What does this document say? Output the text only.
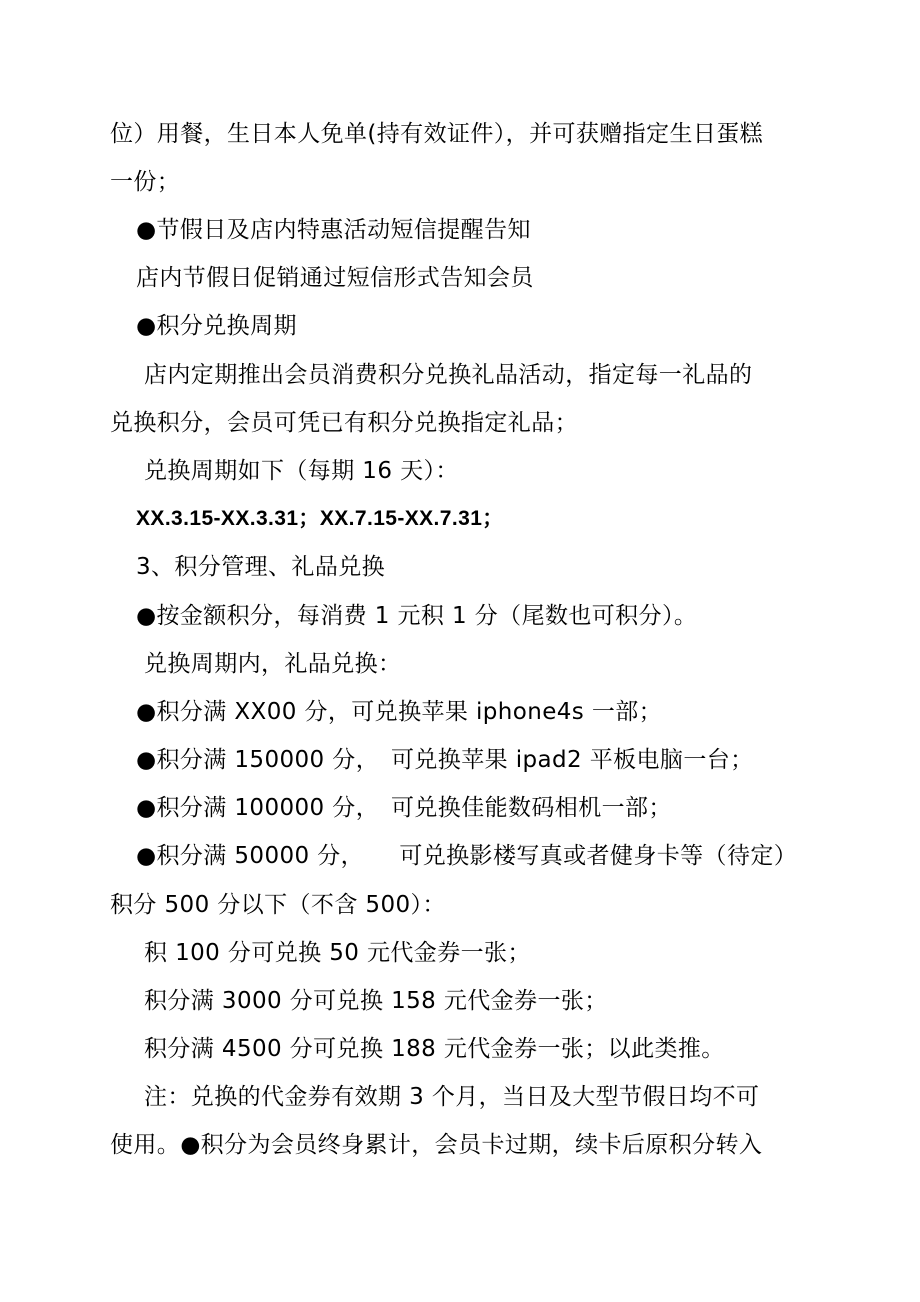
位）用餐，生日本人免单(持有效证件），并可获赠指定生日蛋糕
一份；
●节假日及店内特惠活动短信提醒告知
店内节假日促销通过短信形式告知会员
●积分兑换周期
店内定期推出会员消费积分兑换礼品活动，指定每一礼品的
兑换积分，会员可凭已有积分兑换指定礼品；
兑换周期如下（每期 16 天）：
XX.3.15-XX.3.31；XX.7.15-XX.7.31；
3、积分管理、礼品兑换
●按金额积分，每消费 1 元积 1 分（尾数也可积分）。
兑换周期内，礼品兑换：
●积分满 XX00 分，可兑换苹果 iphone4s 一部；
●积分满 150000 分，　可兑换苹果 ipad2 平板电脑一台；
●积分满 100000 分，　可兑换佳能数码相机一部；
●积分满 50000 分，　　可兑换影楼写真或者健身卡等（待定）
积分 500 分以下（不含 500）：
积 100 分可兑换 50 元代金券一张；
积分满 3000 分可兑换 158 元代金券一张；
积分满 4500 分可兑换 188 元代金券一张；以此类推。
注：兑换的代金券有效期 3 个月，当日及大型节假日均不可
使用。●积分为会员终身累计，会员卡过期，续卡后原积分转入
